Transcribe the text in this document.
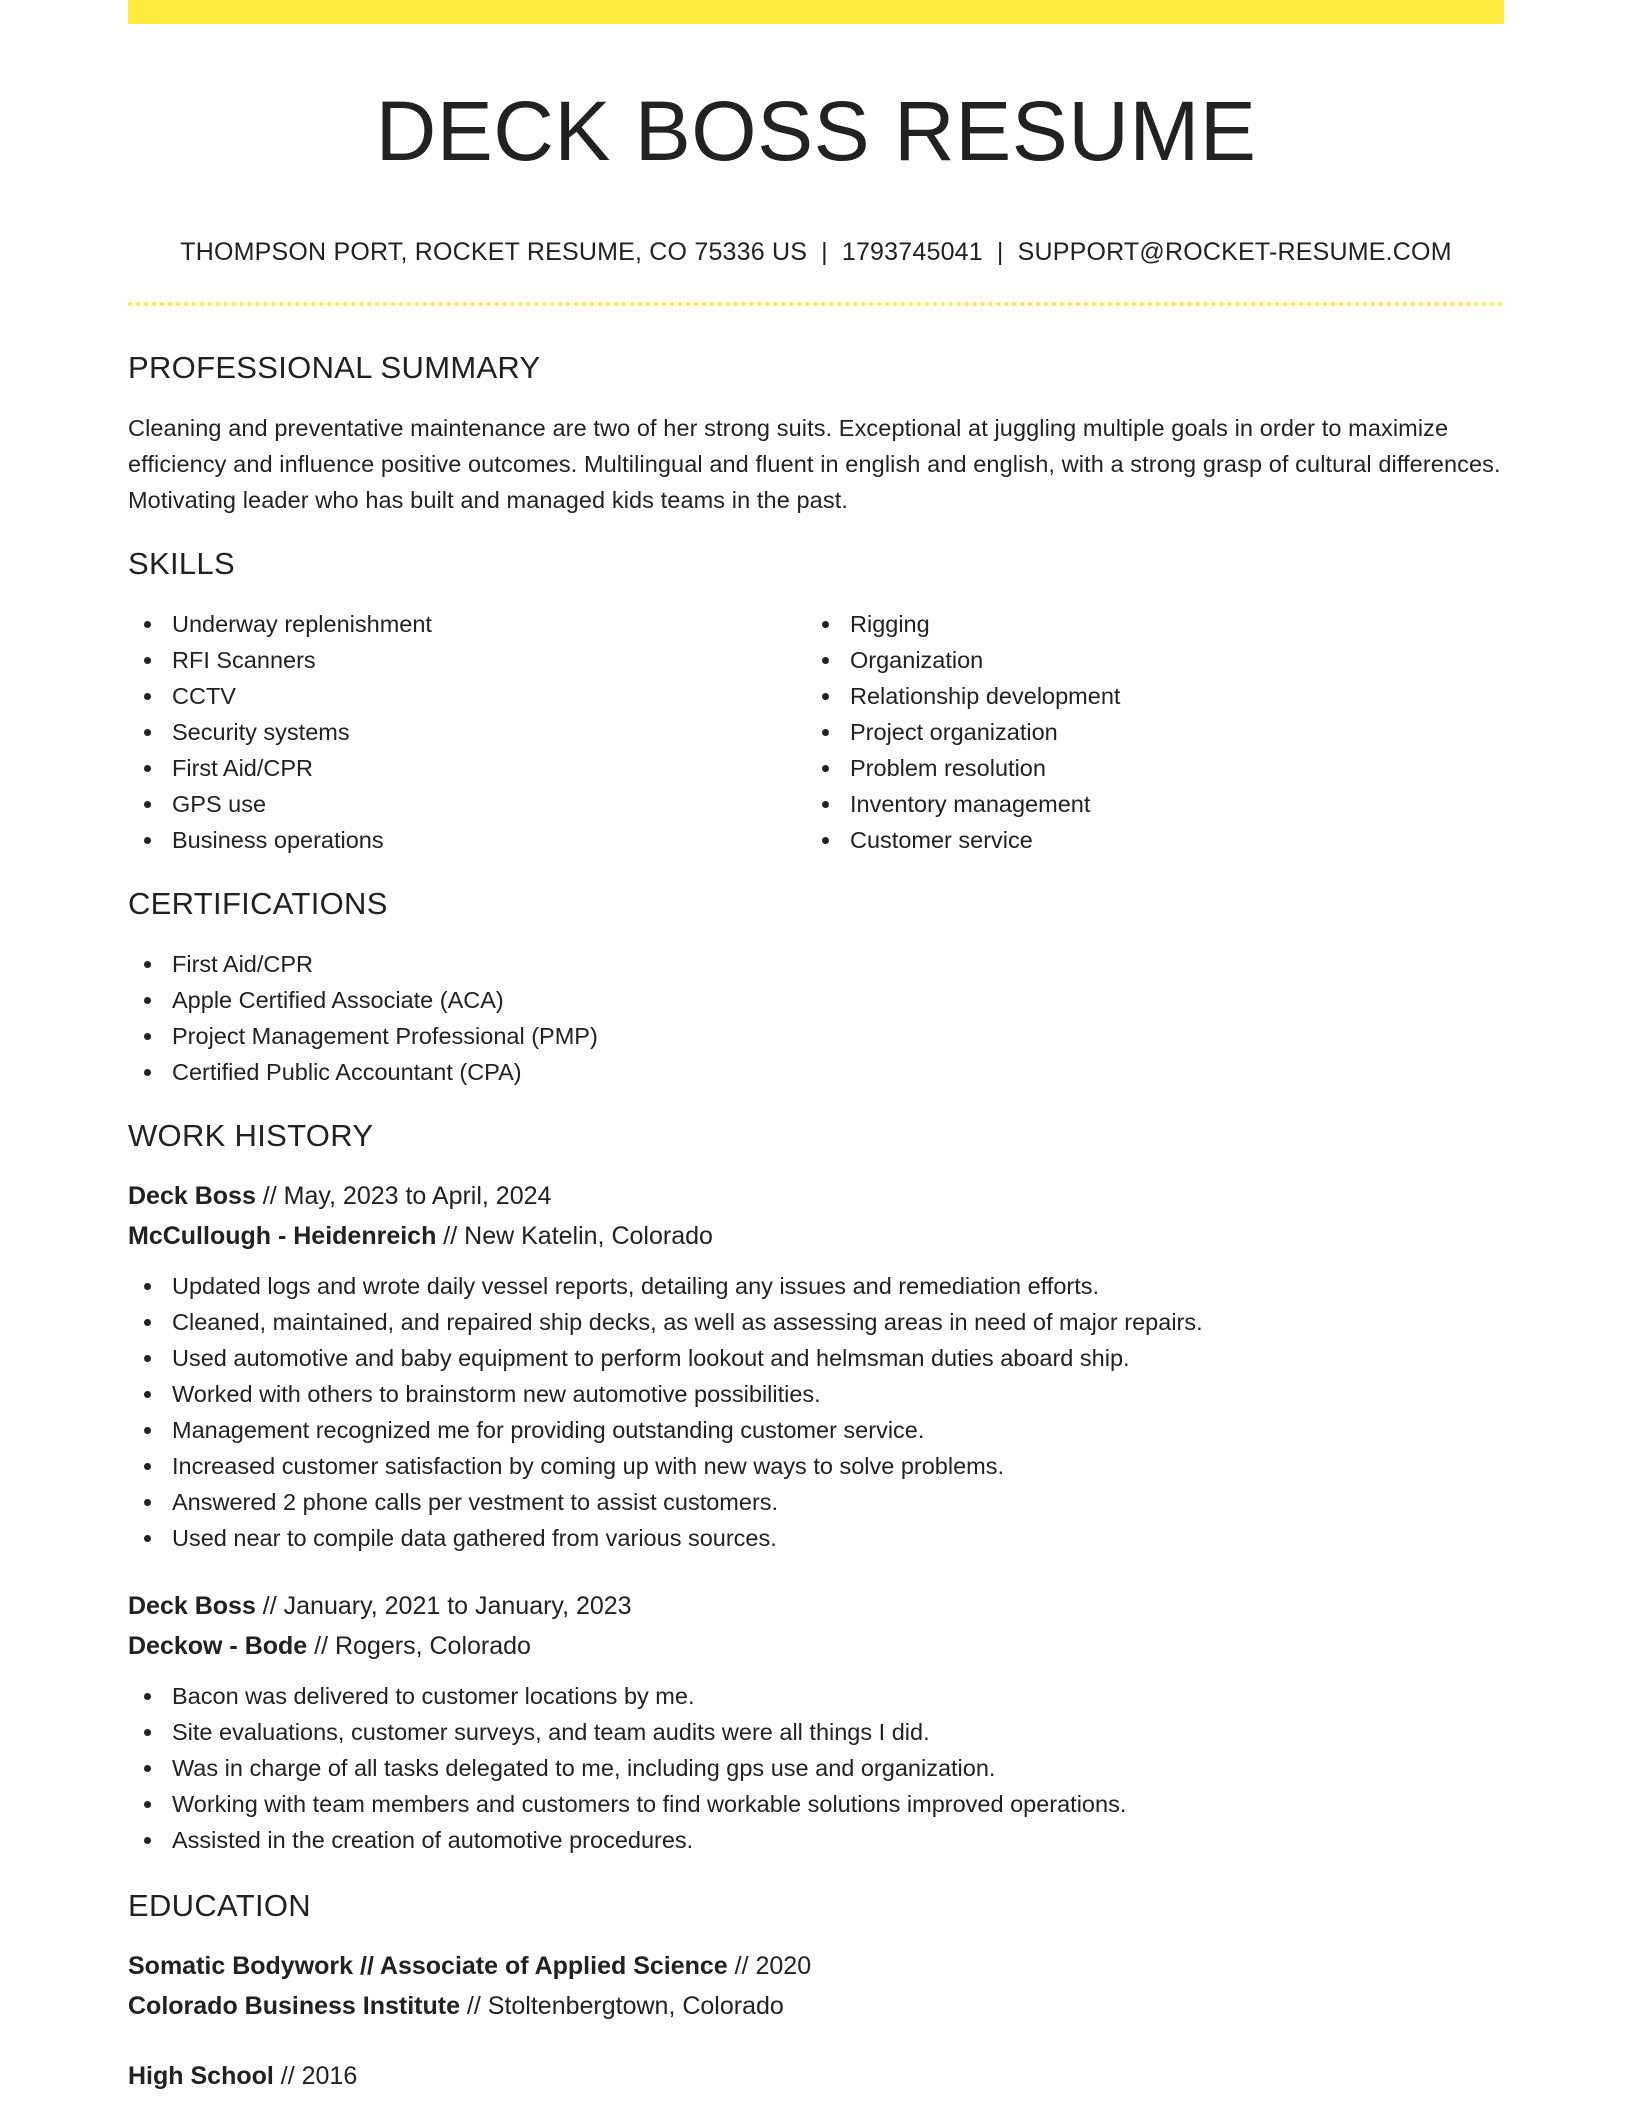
DECK BOSS RESUME
THOMPSON PORT, ROCKET RESUME, CO 75336 US | 1793745041 | SUPPORT@ROCKET-RESUME.COM
PROFESSIONAL SUMMARY

Cleaning and preventative maintenance are two of her strong suits. Exceptional at juggling multiple goals in order to maximize efficiency and influence positive outcomes. Multilingual and fluent in english and english, with a strong grasp of cultural differences. Motivating leader who has built and managed kids teams in the past.

SKILLS
Underway replenishment
RFI Scanners
CCTV
Security systems
First Aid/CPR
GPS use
Business operations
Rigging
Organization
Relationship development
Project organization
Problem resolution
Inventory management
Customer service
CERTIFICATIONS
First Aid/CPR
Apple Certified Associate (ACA)
Project Management Professional (PMP)
Certified Public Accountant (CPA)
WORK HISTORY
Deck Boss // May, 2023 to April, 2024
McCullough - Heidenreich // New Katelin, Colorado
Updated logs and wrote daily vessel reports, detailing any issues and remediation efforts.
Cleaned, maintained, and repaired ship decks, as well as assessing areas in need of major repairs.
Used automotive and baby equipment to perform lookout and helmsman duties aboard ship.
Worked with others to brainstorm new automotive possibilities.
Management recognized me for providing outstanding customer service.
Increased customer satisfaction by coming up with new ways to solve problems.
Answered 2 phone calls per vestment to assist customers.
Used near to compile data gathered from various sources.
Deck Boss // January, 2021 to January, 2023
Deckow - Bode // Rogers, Colorado
Bacon was delivered to customer locations by me.
Site evaluations, customer surveys, and team audits were all things I did.
Was in charge of all tasks delegated to me, including gps use and organization.
Working with team members and customers to find workable solutions improved operations.
Assisted in the creation of automotive procedures.
EDUCATION
Somatic Bodywork // Associate of Applied Science // 2020
Colorado Business Institute // Stoltenbergtown, Colorado
High School // 2016
